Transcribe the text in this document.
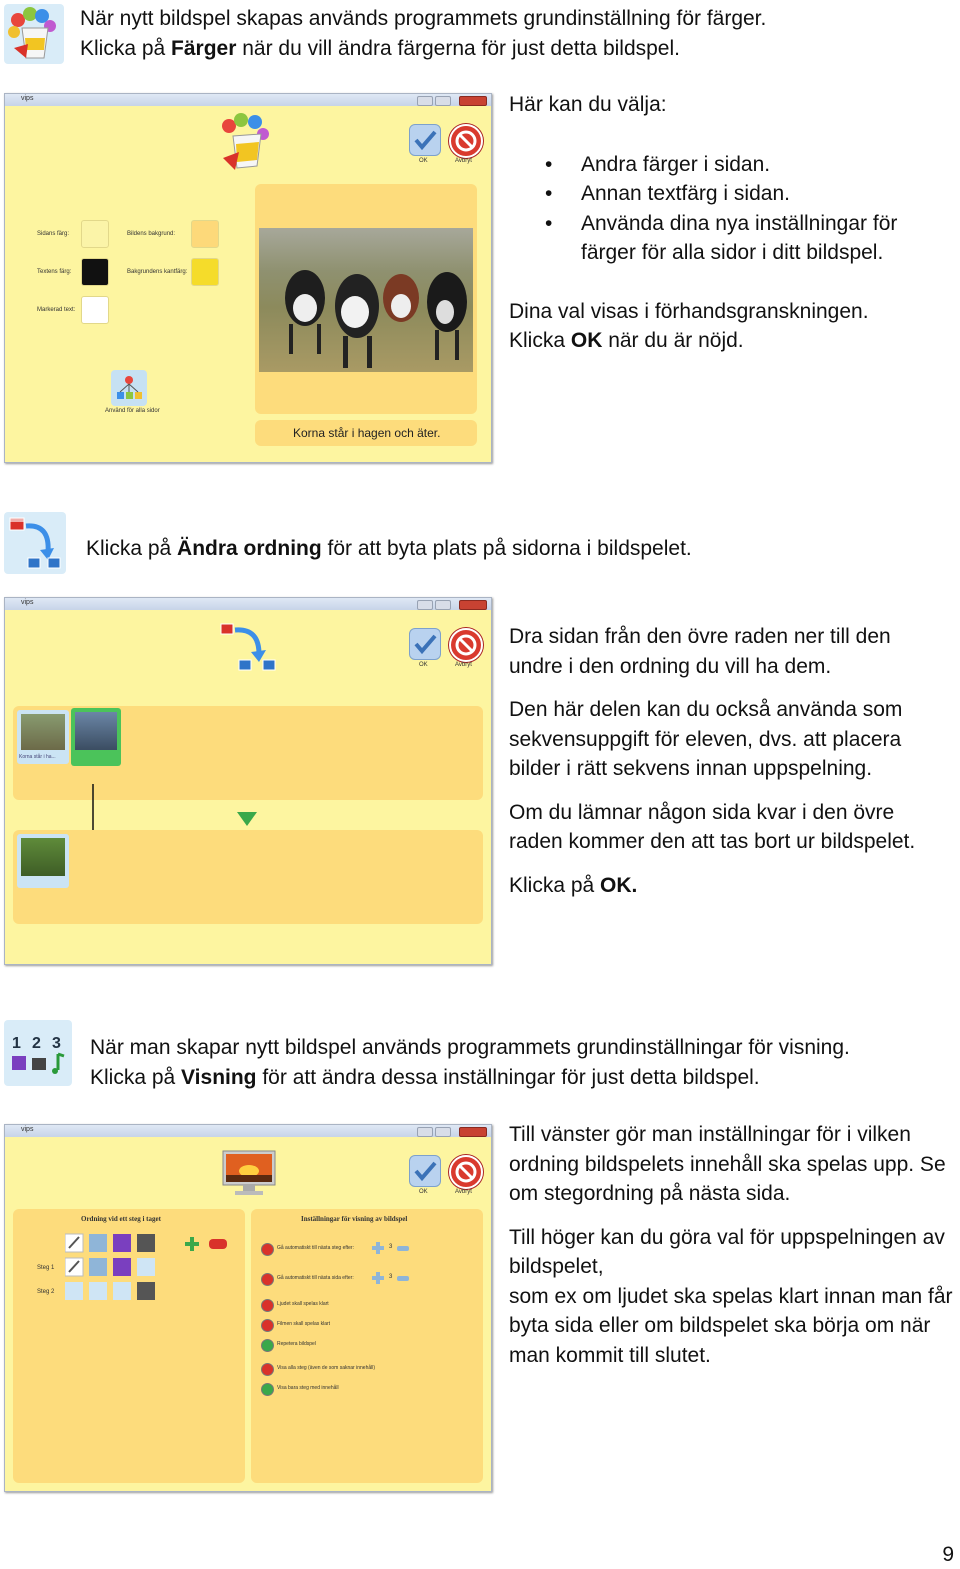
När nytt bildspel skapas används programmets grundinställning för färger.
Klicka på Färger när du vill ändra färgerna för just detta bildspel.
vips
OK	Avbryt
Sidans färg:	Bildens bakgrund:
Textens färg:	Bakgrundens kantfärg:
Markerad text:
Använd för alla sidor
Korna står i hagen och äter.
Här kan du välja:
• Andra färger i sidan.
• Annan textfärg i sidan.
• Använda dina nya inställningar för färger för alla sidor i ditt bildspel.
Dina val visas i förhandsgranskningen.
Klicka OK när du är nöjd.
Klicka på Ändra ordning för att byta plats på sidorna i bildspelet.
vips
OK	Avbryt
Korna står i ha...

Dra sidan från den övre raden ner till den undre i den ordning du vill ha dem.

Den här delen kan du också använda som sekvensuppgift för eleven, dvs. att placera bilder i rätt sekvens innan uppspelning.

Om du lämnar någon sida kvar i den övre raden kommer den att tas bort ur bildspelet.

Klicka på OK.

1 2 3 När man skapar nytt bildspel används programmets grundinställningar för visning.
Klicka på Visning för att ändra dessa inställningar för just detta bildspel.
vips
OK	Avbryt
Ordning vid ett steg i taget
Steg 1
Steg 2
Inställningar för visning av bildspel
Gå automatiskt till nästa steg efter:	3
Gå automatiskt till nästa sida efter:	3
Ljudet skall spelas klart
Filmen skall spelas klart
Repetera bildspel
Visa alla steg (även de som saknar innehåll)
Visa bara steg med innehåll

Till vänster gör man inställningar för i vilken ordning bildspelets innehåll ska spelas upp. Se om stegordning på nästa sida.

Till höger kan du göra val för uppspelningen av bildspelet,
som ex om ljudet ska spelas klart innan man får byta sida eller om bildspelet ska börja om när man kommit till slutet.
9
